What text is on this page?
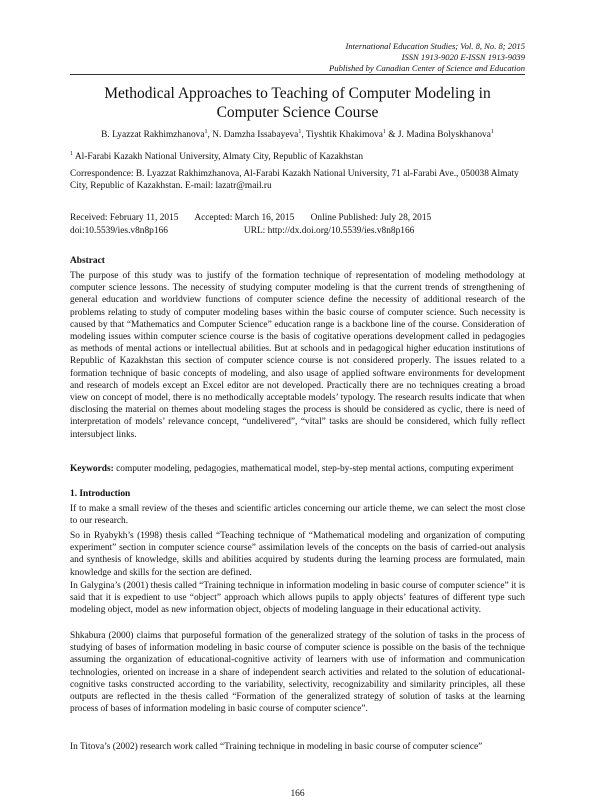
International Education Studies; Vol. 8, No. 8; 2015
ISSN 1913-9020 E-ISSN 1913-9039
Published by Canadian Center of Science and Education
Methodical Approaches to Teaching of Computer Modeling in
Computer Science Course
B. Lyazzat Rakhimzhanova$^1$, N. Damzha Issabayeva$^1$, Tiyshtik Khakimova$^1$ & J. Madina Bolyskhanova$^1$
$^1$ Al-Farabi Kazakh National University, Almaty City, Republic of Kazakhstan
Correspondence: B. Lyazzat Rakhimzhanova, Al-Farabi Kazakh National University, 71 al-Farabi Ave., 050038 Almaty City, Republic of Kazakhstan. E-mail: lazatr@mail.ru
Received: February 11, 2015 Accepted: March 16, 2015 Online Published: July 28, 2015
doi:10.5539/ies.v8n8p166	URL: http://dx.doi.org/10.5539/ies.v8n8p166
Abstract
The purpose of this study was to justify of the formation technique of representation of modeling methodology at computer science lessons. The necessity of studying computer modeling is that the current trends of strengthening of general education and worldview functions of computer science define the necessity of additional research of the problems relating to study of computer modeling bases within the basic course of computer science. Such necessity is caused by that “Mathematics and Computer Science” education range is a backbone line of the course. Consideration of modeling issues within computer science course is the basis of cogitative operations development called in pedagogies as methods of mental actions or intellectual abilities. But at schools and in pedagogical higher education institutions of Republic of Kazakhstan this section of computer science course is not considered properly. The issues related to a formation technique of basic concepts of modeling, and also usage of applied software environments for development and research of models except an Excel editor are not developed. Practically there are no techniques creating a broad view on concept of model, there is no methodically acceptable models’ typology. The research results indicate that when disclosing the material on themes about modeling stages the process is should be considered as cyclic, there is need of interpretation of models’ relevance concept, “undelivered”, “vital” tasks are should be considered, which fully reflect intersubject links.
Keywords: computer modeling, pedagogies, mathematical model, step-by-step mental actions, computing experiment
1. Introduction
If to make a small review of the theses and scientific articles concerning our article theme, we can select the most close to our research.
So in Ryabykh’s (1998) thesis called “Teaching technique of “Mathematical modeling and organization of computing experiment” section in computer science course” assimilation levels of the concepts on the basis of carried-out analysis and synthesis of knowledge, skills and abilities acquired by students during the learning process are formulated, main knowledge and skills for the section are defined.
In Galygina’s (2001) thesis called “Training technique in information modeling in basic course of computer science” it is said that it is expedient to use “object” approach which allows pupils to apply objects’ features of different type such modeling object, model as new information object, objects of modeling language in their educational activity.
Shkabura (2000) claims that purposeful formation of the generalized strategy of the solution of tasks in the process of studying of bases of information modeling in basic course of computer science is possible on the basis of the technique assuming the organization of educational-cognitive activity of learners with use of information and communication technologies, oriented on increase in a share of independent search activities and related to the solution of educational-cognitive tasks constructed according to the variability, selectivity, recognizability and similarity principles, all these outputs are reflected in the thesis called “Formation of the generalized strategy of solution of tasks at the learning process of bases of information modeling in basic course of computer science”.
In Titova’s (2002) research work called “Training technique in modeling in basic course of computer science”
166
